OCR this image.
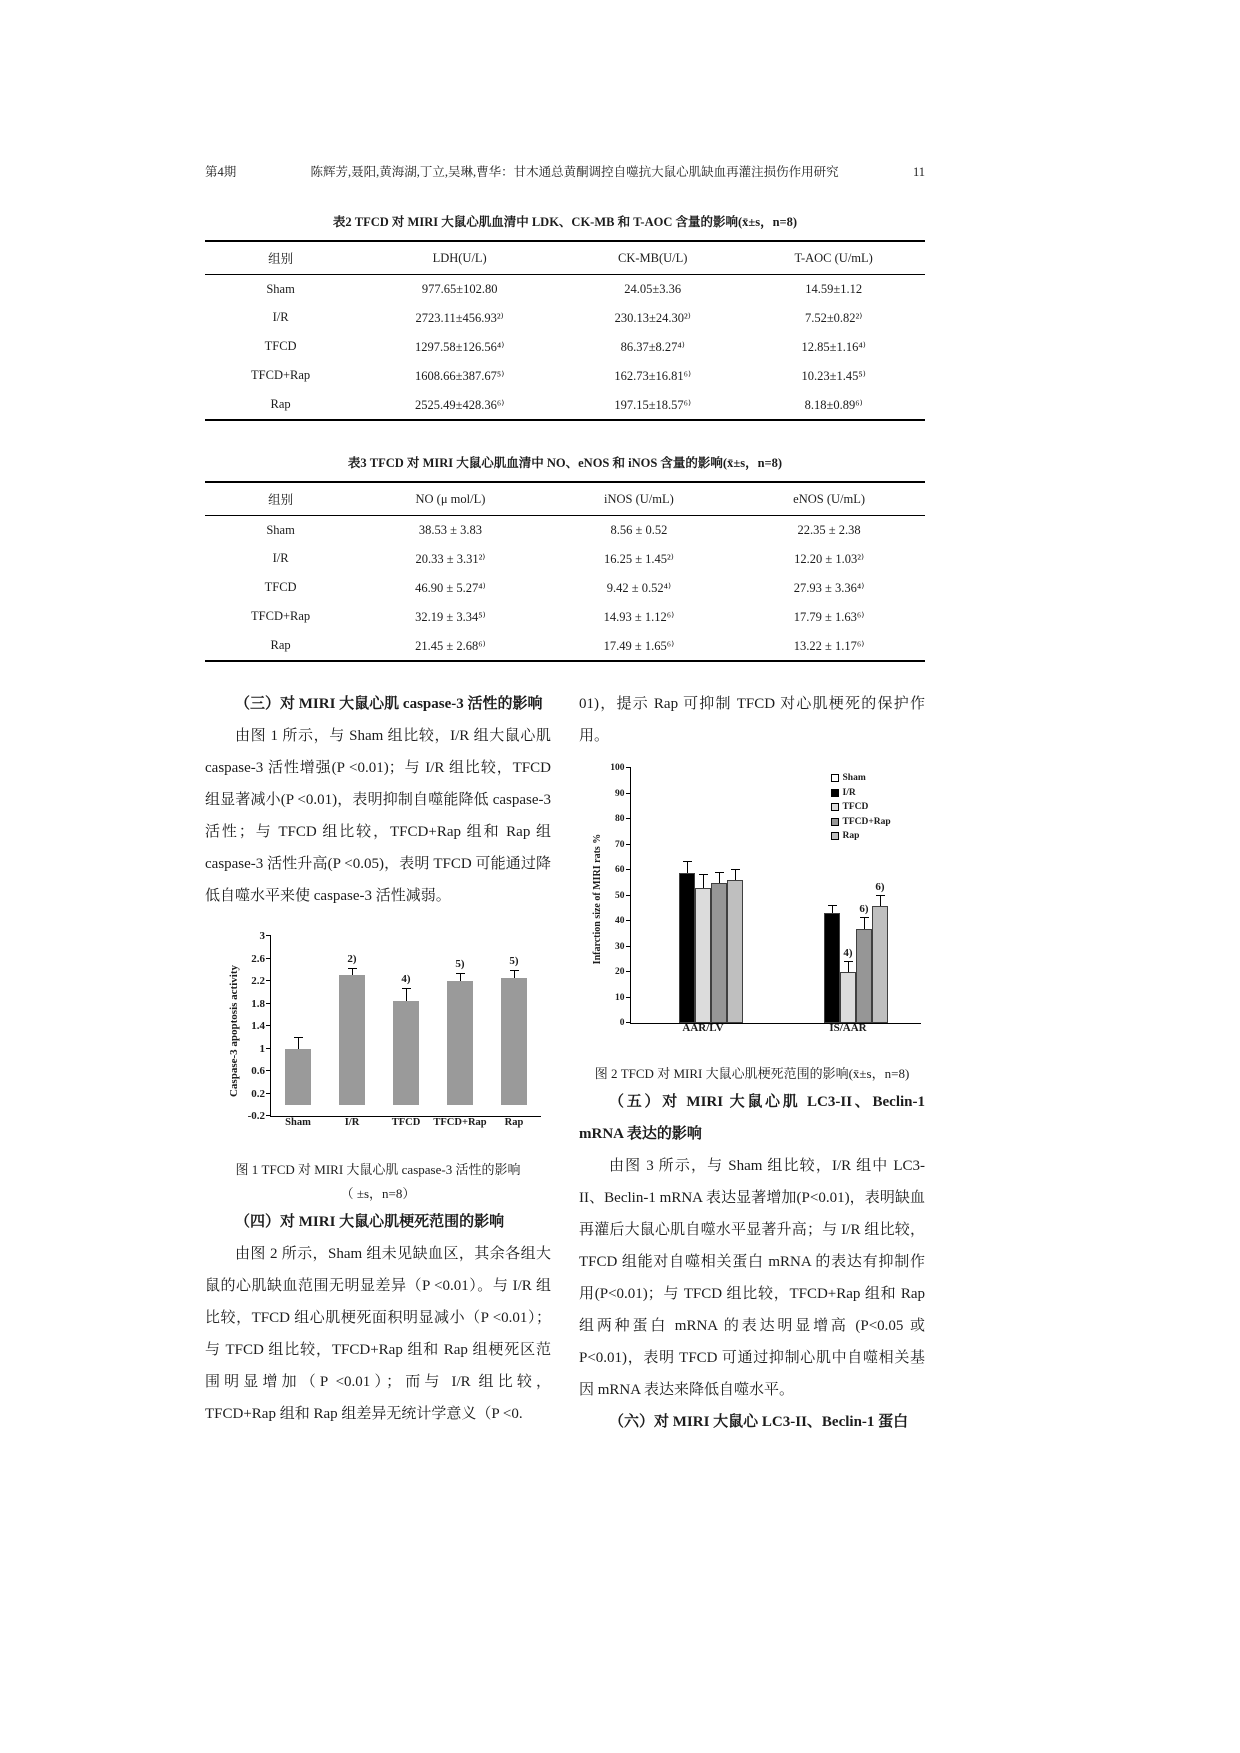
第4期	陈辉芳,聂阳,黄海湖,丁立,吴琳,曹华：甘木通总黄酮调控自噬抗大鼠心肌缺血再灌注损伤作用研究	11
表2 TFCD 对 MIRI 大鼠心肌血清中 LDK、CK-MB 和 T-AOC 含量的影响(x̄±s，n=8)
组别	LDH(U/L)	CK-MB(U/L)	T-AOC (U/mL)
Sham	977.65±102.80	24.05±3.36	14.59±1.12
I/R	2723.11±456.93²⁾	230.13±24.30²⁾	7.52±0.82²⁾
TFCD	1297.58±126.56⁴⁾	86.37±8.27⁴⁾	12.85±1.16⁴⁾
TFCD+Rap	1608.66±387.67⁵⁾	162.73±16.81⁶⁾	10.23±1.45⁵⁾
Rap	2525.49±428.36⁶⁾	197.15±18.57⁶⁾	8.18±0.89⁶⁾
表3 TFCD 对 MIRI 大鼠心肌血清中 NO、eNOS 和 iNOS 含量的影响(x̄±s，n=8)
组别	NO (μ mol/L)	iNOS (U/mL)	eNOS (U/mL)
Sham	38.53 ± 3.83	8.56 ± 0.52	22.35 ± 2.38
I/R	20.33 ± 3.31²⁾	16.25 ± 1.45²⁾	12.20 ± 1.03²⁾
TFCD	46.90 ± 5.27⁴⁾	9.42 ± 0.52⁴⁾	27.93 ± 3.36⁴⁾
TFCD+Rap	32.19 ± 3.34⁵⁾	14.93 ± 1.12⁶⁾	17.79 ± 1.63⁶⁾
Rap	21.45 ± 2.68⁶⁾	17.49 ± 1.65⁶⁾	13.22 ± 1.17⁶⁾
（三）对 MIRI 大鼠心肌 caspase-3 活性的影响

由图 1 所示，与 Sham 组比较，I/R 组大鼠心肌 caspase-3 活性增强(P <0.01)；与 I/R 组比较，TFCD 组显著减小(P <0.01)，表明抑制自噬能降低 caspase-3 活性；与 TFCD 组比较，TFCD+Rap 组和 Rap 组 caspase-3 活性升高(P <0.05)，表明 TFCD 可能通过降低自噬水平来使 caspase-3 活性减弱。

Caspase-3 apoptosis activity
3
2.6
2.2
1.8
1.4
1
0.6
0.2
-0.2
Sham
2)
I/R
4)
TFCD
5)
TFCD+Rap
5)
Rap
图 1 TFCD 对 MIRI 大鼠心肌 caspase-3 活性的影响
（ ±s，n=8）
（四）对 MIRI 大鼠心肌梗死范围的影响

由图 2 所示，Sham 组未见缺血区，其余各组大鼠的心肌缺血范围无明显差异（P <0.01）。与 I/R 组比较，TFCD 组心肌梗死面积明显减小（P <0.01）；与 TFCD 组比较，TFCD+Rap 组和 Rap 组梗死区范围明显增加（P <0.01）；而与 I/R 组比较，TFCD+Rap 组和 Rap 组差异无统计学意义（P <0.

01)，提示 Rap 可抑制 TFCD 对心肌梗死的保护作用。

Infarction size of MIRI rats %
Sham
I/R
TFCD
TFCD+Rap
Rap
0
10
20
30
40
50
60
70
80
90
100
AAR/LV
4)
6)
6)
IS/AAR
图 2 TFCD 对 MIRI 大鼠心肌梗死范围的影响(x̄±s，n=8)
（五）对 MIRI 大鼠心肌 LC3-II、Beclin-1 mRNA 表达的影响

由图 3 所示，与 Sham 组比较，I/R 组中 LC3-II、Beclin-1 mRNA 表达显著增加(P<0.01)，表明缺血再灌后大鼠心肌自噬水平显著升高；与 I/R 组比较，TFCD 组能对自噬相关蛋白 mRNA 的表达有抑制作用(P<0.01)；与 TFCD 组比较，TFCD+Rap 组和 Rap 组两种蛋白 mRNA 的表达明显增高 (P<0.05 或 P<0.01)，表明 TFCD 可通过抑制心肌中自噬相关基因 mRNA 表达来降低自噬水平。

（六）对 MIRI 大鼠心 LC3-II、Beclin-1 蛋白
